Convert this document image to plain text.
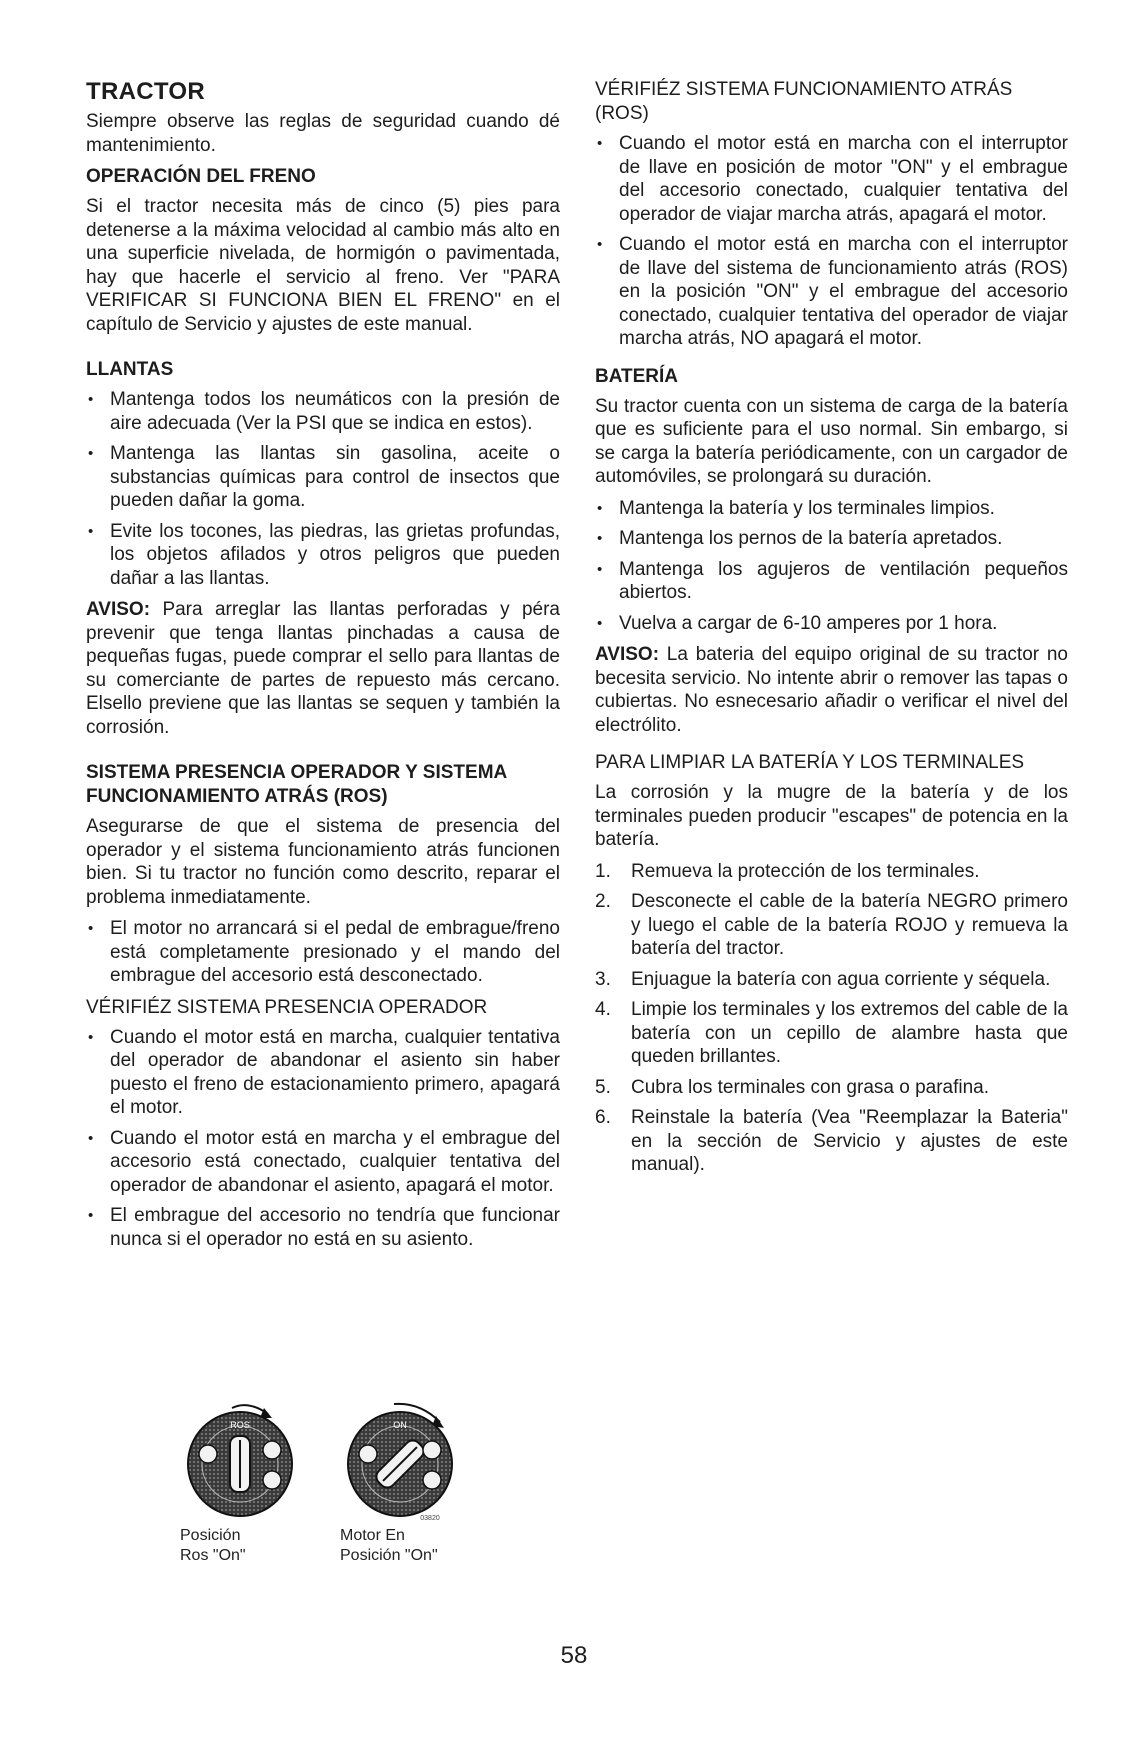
TRACTOR

Siempre observe las reglas de seguridad cuando dé mantenimiento.

OPERACIÓN DEL FRENO

Si el tractor necesita más de cinco (5) pies para detenerse a la máxima velocidad al cambio más alto en una superficie nivelada, de hormigón o pavimentada, hay que hacerle el servicio al freno. Ver "PARA VERIFICAR SI FUNCIONA BIEN EL FRENO" en el capítulo de Servicio y ajustes de este manual.

LLANTAS
• Mantenga todos los neumáticos con la presión de aire adecuada (Ver la PSI que se indica en estos).
• Mantenga las llantas sin gasolina, aceite o substancias químicas para control de insectos que pueden dañar la goma.
• Evite los tocones, las piedras, las grietas profundas, los objetos afilados y otros peligros que pueden dañar a las llantas.

AVISO: Para arreglar las llantas perforadas y péra prevenir que tenga llantas pinchadas a causa de pequeñas fugas, puede comprar el sello para llantas de su comerciante de partes de repuesto más cercano. Elsello previene que las llantas se sequen y también la corrosión.

SISTEMA PRESENCIA OPERADOR Y SISTEMA FUNCIONAMIENTO ATRÁS (ROS)

Asegurarse de que el sistema de presencia del operador y el sistema funcionamiento atrás funcionen bien. Si tu tractor no función como descrito, reparar el problema inmediatamente.

• El motor no arrancará si el pedal de embrague/freno está completamente presionado y el mando del embrague del accesorio está desconectado.
VÉRIFIÉZ SISTEMA PRESENCIA OPERADOR
• Cuando el motor está en marcha, cualquier tentativa del operador de abandonar el asiento sin haber puesto el freno de estacionamiento primero, apagará el motor.
• Cuando el motor está en marcha y el embrague del accesorio está conectado, cualquier tentativa del operador de abandonar el asiento, apagará el motor.
• El embrague del accesorio no tendría que funcionar nunca si el operador no está en su asiento.
VÉRIFIÉZ SISTEMA FUNCIONAMIENTO ATRÁS (ROS)
• Cuando el motor está en marcha con el interruptor de llave en posición de motor "ON" y el embrague del accesorio conectado, cualquier tentativa del operador de viajar marcha atrás, apagará el motor.
• Cuando el motor está en marcha con el interruptor de llave del sistema de funcionamiento atrás (ROS) en la posición "ON" y el embrague del accesorio conectado, cualquier tentativa del operador de viajar marcha atrás, NO apagará el motor.
BATERÍA

Su tractor cuenta con un sistema de carga de la batería que es suficiente para el uso normal. Sin embargo, si se carga la batería periódicamente, con un cargador de automóviles, se prolongará su duración.

• Mantenga la batería y los terminales limpios.
• Mantenga los pernos de la batería apretados.
• Mantenga los agujeros de ventilación pequeños abiertos.
• Vuelva a cargar de 6-10 amperes por 1 hora.

AVISO: La bateria del equipo original de su tractor no becesita servicio. No intente abrir o remover las tapas o cubiertas. No esnecesario añadir o verificar el nivel del electrólito.

PARA LIMPIAR LA BATERÍA Y LOS TERMINALES

La corrosión y la mugre de la batería y de los terminales pueden producir "escapes" de potencia en la batería.

1. Remueva la protección de los terminales.
2. Desconecte el cable de la batería NEGRO primero y luego el cable de la batería ROJO y remueva la batería del tractor.
3. Enjuague la batería con agua corriente y séquela.
4. Limpie los terminales y los extremos del cable de la batería con un cepillo de alambre hasta que queden brillantes.
5. Cubra los terminales con grasa o parafina.
6. Reinstale la batería (Vea "Reemplazar la Bateria" en la sección de Servicio y ajustes de este manual).
ROS
Posición
Ros "On"
ON
03820
Motor En
Posición "On"
58
